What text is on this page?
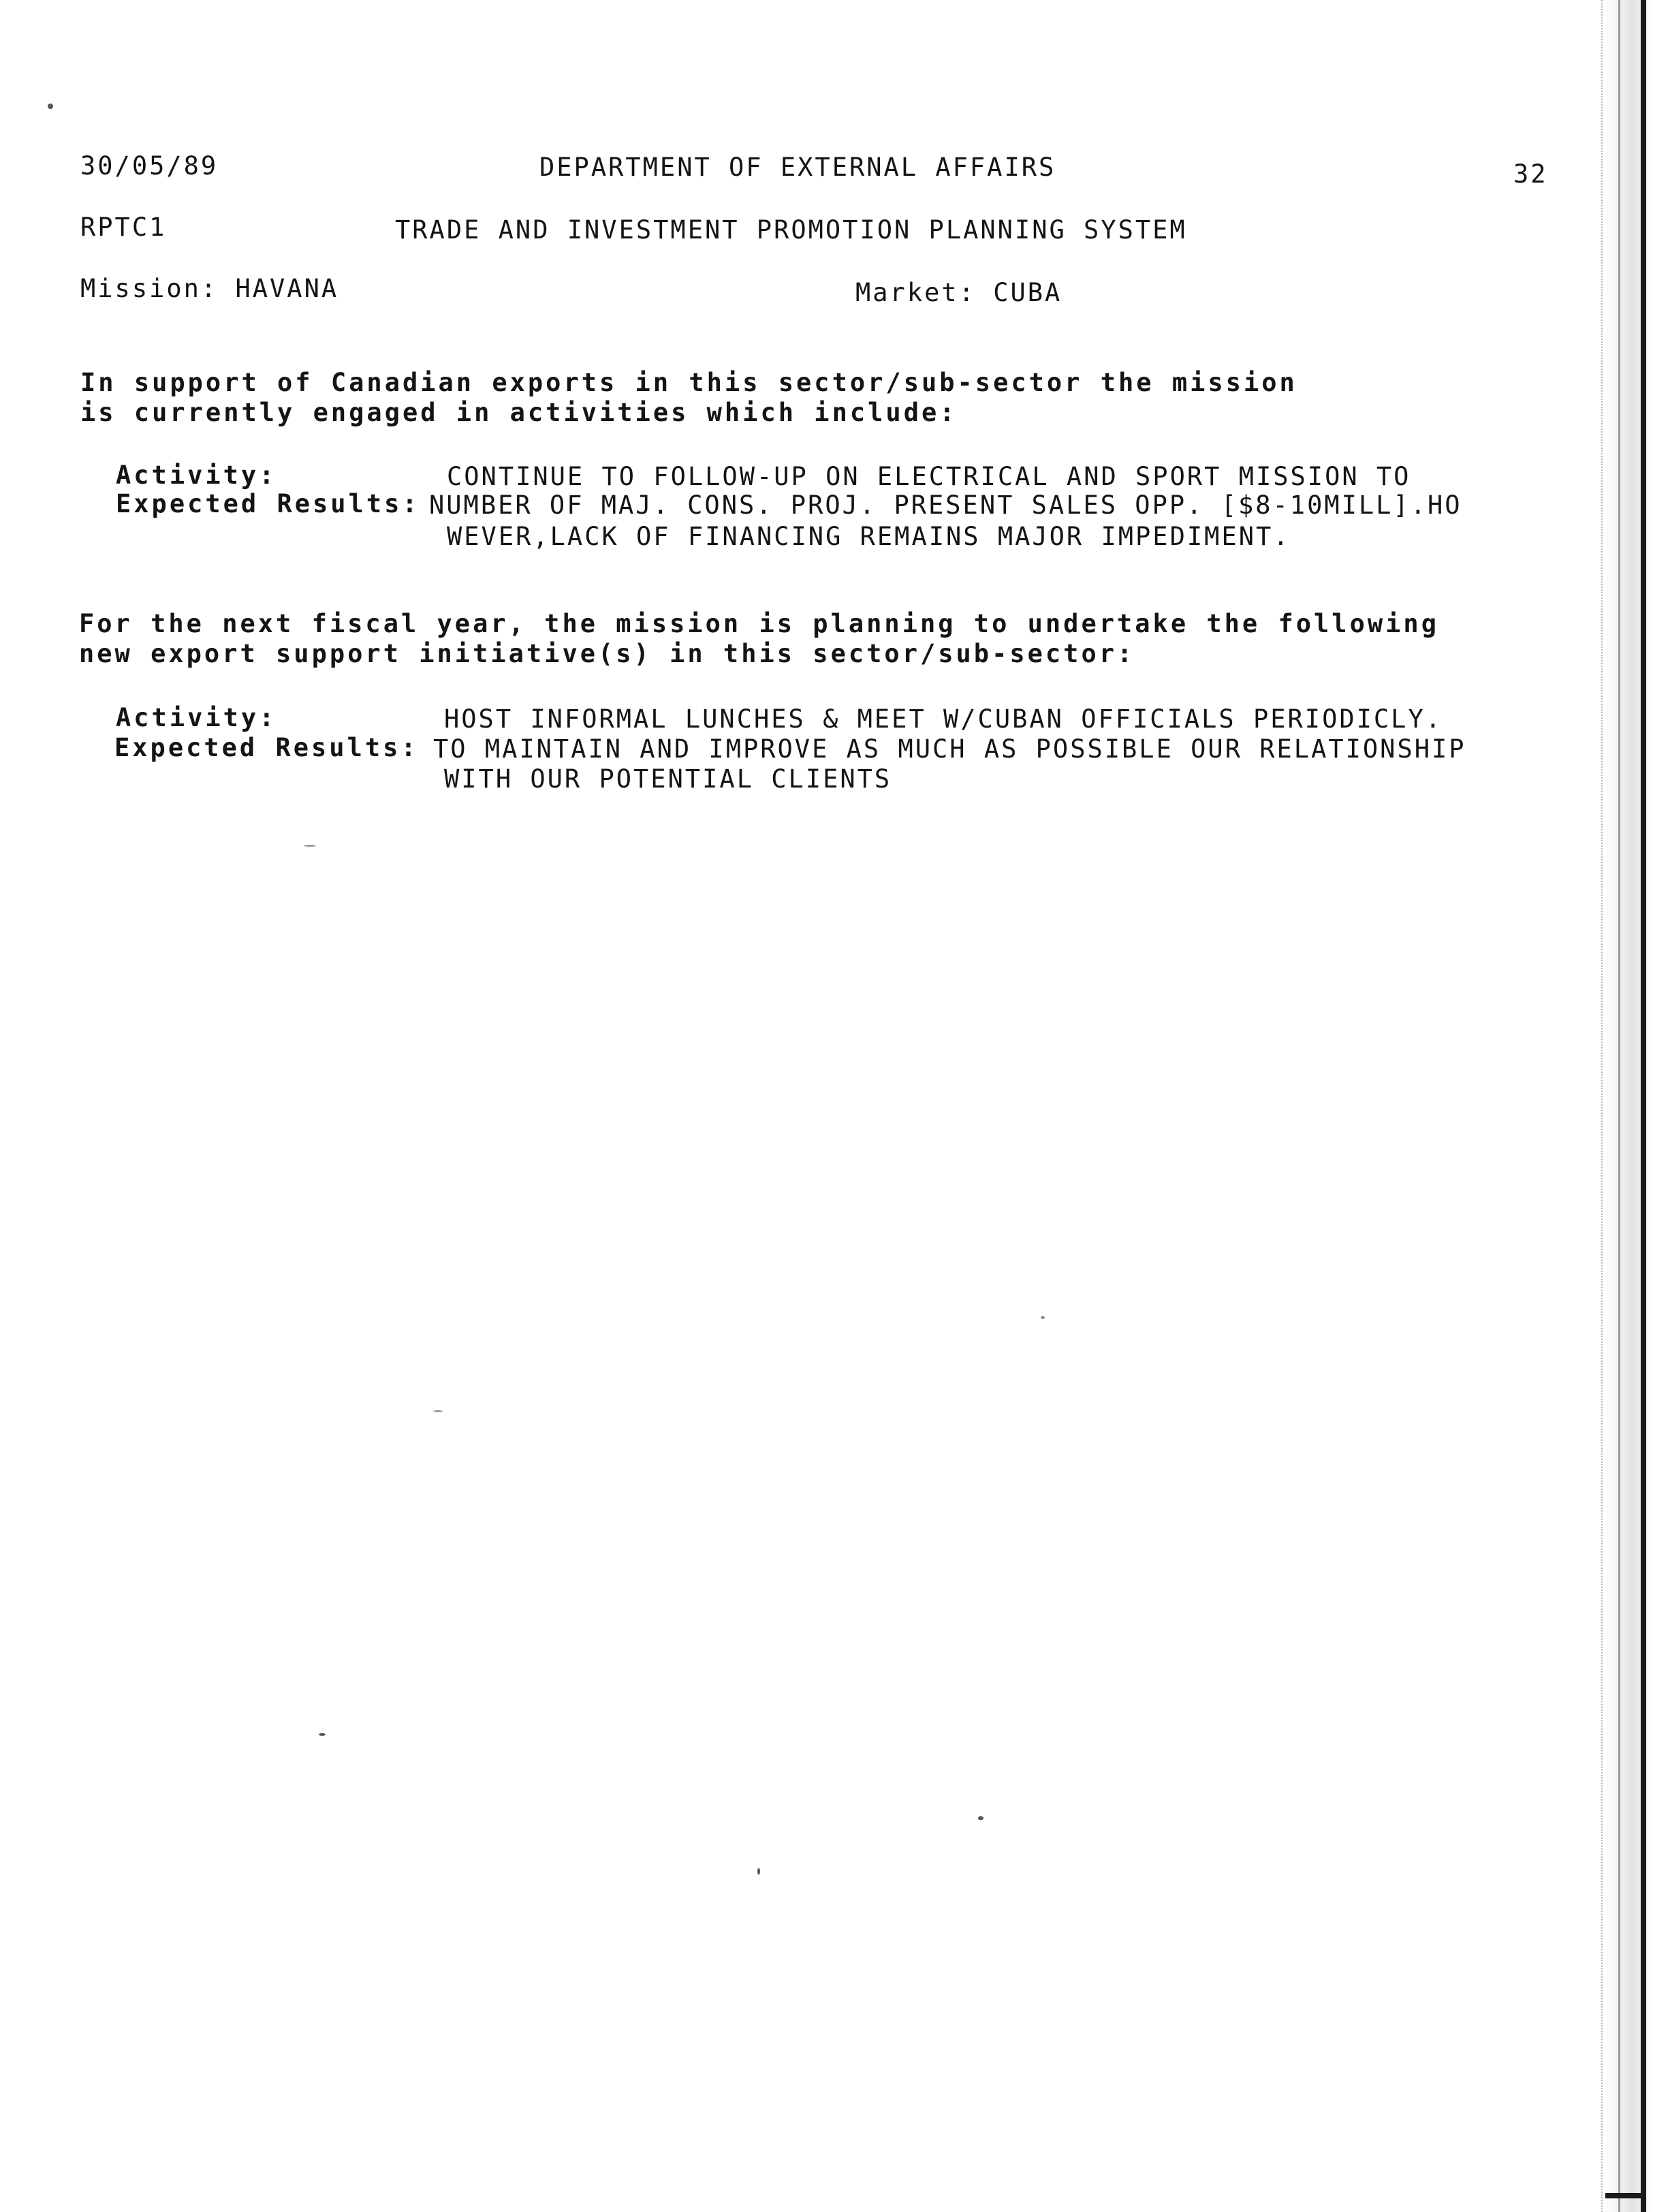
30/05/89	DEPARTMENT OF EXTERNAL AFFAIRS	32
RPTC1	TRADE AND INVESTMENT PROMOTION PLANNING SYSTEM
Mission: HAVANA	Market: CUBA
In support of Canadian exports in this sector/sub-sector the mission
is currently engaged in activities which include:
Activity:	CONTINUE TO FOLLOW-UP ON ELECTRICAL AND SPORT MISSION TO
Expected Results: NUMBER OF MAJ. CONS. PROJ. PRESENT SALES OPP. [$8-10MILL].HO
WEVER,LACK OF FINANCING REMAINS MAJOR IMPEDIMENT.
For the next fiscal year, the mission is planning to undertake the following
new export support initiative(s) in this sector/sub-sector:
Activity:	HOST INFORMAL LUNCHES & MEET W/CUBAN OFFICIALS PERIODICLY.
Expected Results: TO MAINTAIN AND IMPROVE AS MUCH AS POSSIBLE OUR RELATIONSHIP
WITH OUR POTENTIAL CLIENTS
